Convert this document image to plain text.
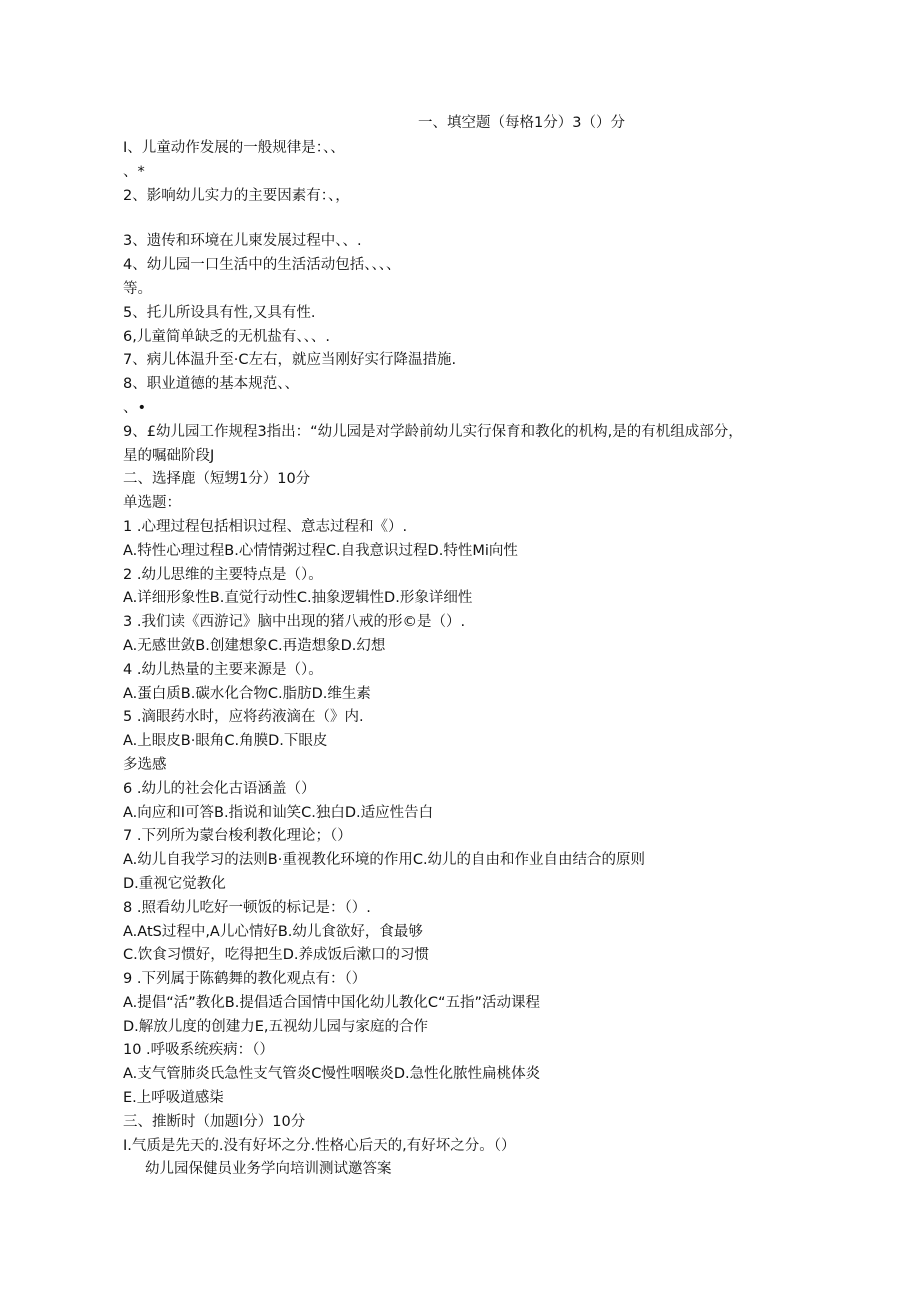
一、填空题（每格1分）3（）分

I、儿童动作发展的一般规律是：、、

、*

2、影响幼儿实力的主要因素有：、，

3、遗传和环境在儿柬发展过程中、、.

4、幼儿园一口生活中的生活活动包括、、、、

等。

5、托儿所设具有性,又具有性.

6,儿童简单缺乏的无机盐有、、、.

7、病儿体温升至·C左右，就应当刚好实行降温措施.

8、职业道德的基本规范、、

、•

9、£幼儿园工作规程3指出：“幼儿园是对学龄前幼儿实行保育和教化的机构,是的有机组成部分，

星的嘱础阶段J

二、选择鹿（短甥1分）10分

单选题：

1 .心理过程包括相识过程、意志过程和《）.

A.特性心理过程B.心情情粥过程C.自我意识过程D.特性Mi向性

2 .幼儿思维的主要特点是（）。

A.详细形象性B.直觉行动性C.抽象逻辑性D.形象详细性

3 .我们读《西游记》脑中出现的猪八戒的形©是（）.

A.无感世敛B.创建想象C.再造想象D.幻想

4 .幼儿热量的主要来源是（）。

A.蛋白质B.碳水化合物C.脂肪D.维生素

5 .滴眼药水时，应将药液滴在（》内.

A.上眼皮B·眼角C.角膜D.下眼皮

多选感

6 .幼儿的社会化古语涵盖（）

A.向应和I可答B.指说和讪笑C.独白D.适应性告白

7 .下列所为蒙台梭利教化理论；（）

A.幼儿自我学习的法则B·重视教化环境的作用C.幼儿的自由和作业自由结合的原则

D.重视它觉教化

8 .照看幼儿吃好一顿饭的标记是：（）.

A.AtS过程中,A儿心情好B.幼儿食欲好，食最够

C.饮食习惯好，吃得把生D.养成饭后漱口的习惯

9 .下列属于陈鹤舞的教化观点有：（）

A.提倡“活”教化B.提倡适合国情中国化幼儿教化C“五指”活动课程

D.解放儿度的创建力E,五视幼儿园与家庭的合作

10 .呼吸系统疾病：（）

A.支气管肺炎氏急性支气管炎C慢性咽喉炎D.急性化脓性扁桃体炎

E.上呼吸道感柒

三、推断时（加题I分）10分

I.气质是先天的.没有好坏之分.性格心后天的,有好坏之分。（）

幼儿园保健员业务学向培训测试邀答案
